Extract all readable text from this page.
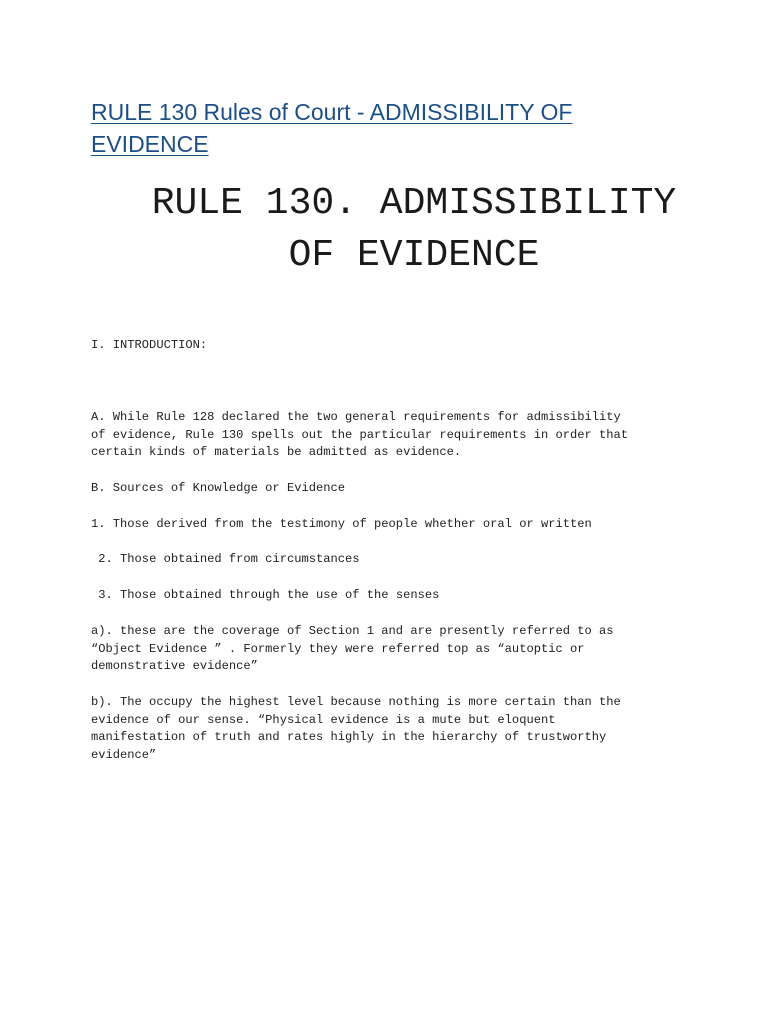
RULE 130 Rules of Court - ADMISSIBILITY OF
EVIDENCE
RULE 130. ADMISSIBILITY
OF EVIDENCE

I. INTRODUCTION:

A. While Rule 128 declared the two general requirements for admissibility
of evidence, Rule 130 spells out the particular requirements in order that
certain kinds of materials be admitted as evidence.

B. Sources of Knowledge or Evidence

1. Those derived from the testimony of people whether oral or written

2. Those obtained from circumstances

3. Those obtained through the use of the senses

a). these are the coverage of Section 1 and are presently referred to as
“Object Evidence ” . Formerly they were referred top as “autoptic or
demonstrative evidence”

b). The occupy the highest level because nothing is more certain than the
evidence of our sense. “Physical evidence is a mute but eloquent
manifestation of truth and rates highly in the hierarchy of trustworthy
evidence”
